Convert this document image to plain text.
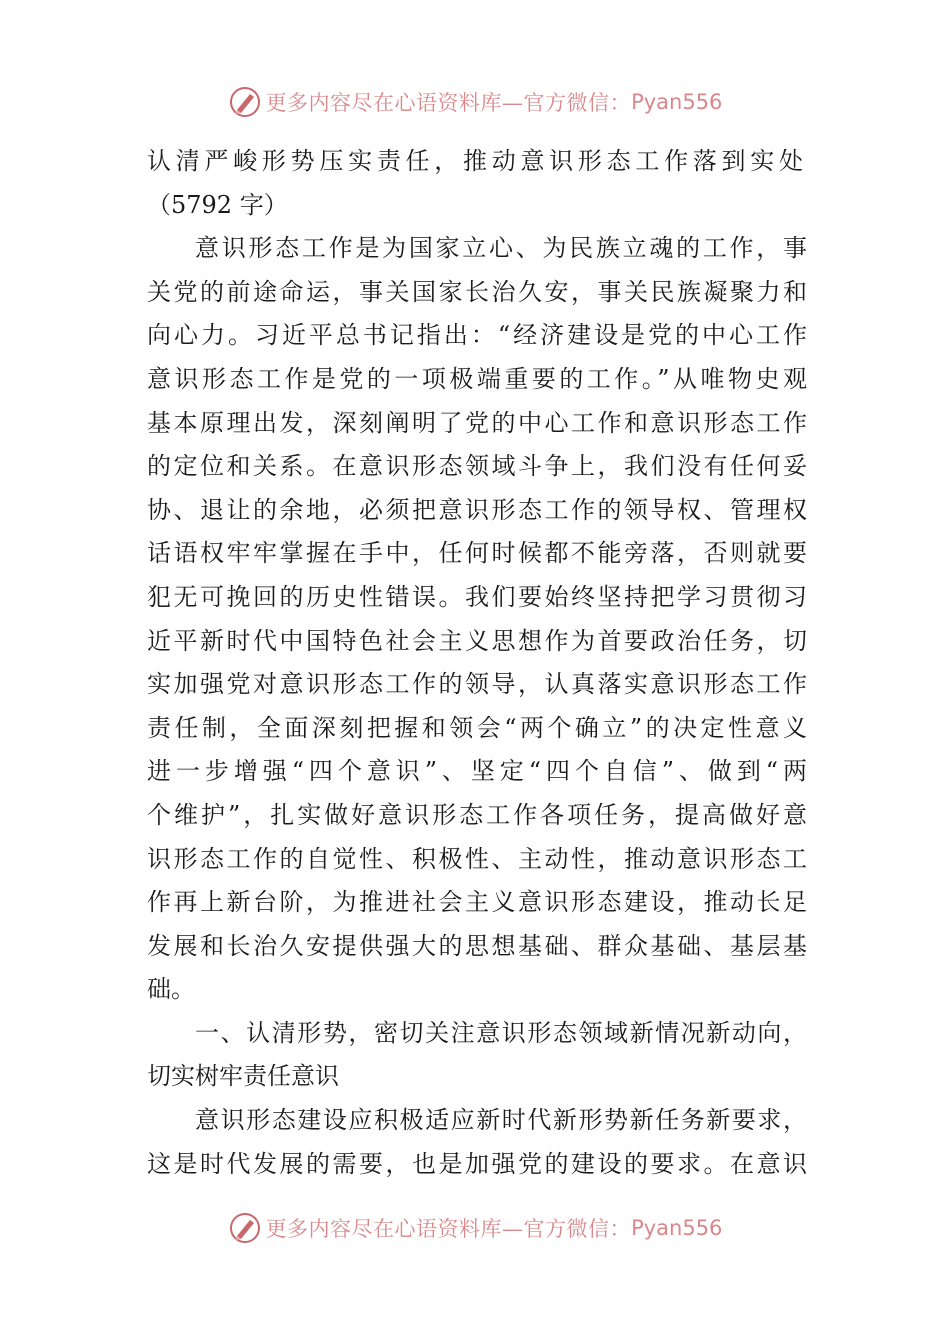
更多内容尽在心语资料库—官方微信： Pyan556
认清严峻形势压实责任，推动意识形态工作落到实处
（5792 字）
意识形态工作是为国家立心、为民族立魂的工作，事
关党的前途命运，事关国家长治久安，事关民族凝聚力和
向心力。习近平总书记指出：“经济建设是党的中心工作
意识形态工作是党的一项极端重要的工作。”从唯物史观
基本原理出发，深刻阐明了党的中心工作和意识形态工作
的定位和关系。在意识形态领域斗争上，我们没有任何妥
协、退让的余地，必须把意识形态工作的领导权、管理权
话语权牢牢掌握在手中，任何时候都不能旁落，否则就要
犯无可挽回的历史性错误。我们要始终坚持把学习贯彻习
近平新时代中国特色社会主义思想作为首要政治任务，切
实加强党对意识形态工作的领导，认真落实意识形态工作
责任制，全面深刻把握和领会“两个确立”的决定性意义
进一步增强“四个意识”、坚定“四个自信”、做到“两
个维护”，扎实做好意识形态工作各项任务，提高做好意
识形态工作的自觉性、积极性、主动性，推动意识形态工
作再上新台阶，为推进社会主义意识形态建设，推动长足
发展和长治久安提供强大的思想基础、群众基础、基层基
础。
一、认清形势，密切关注意识形态领域新情况新动向，
切实树牢责任意识
意识形态建设应积极适应新时代新形势新任务新要求，
这是时代发展的需要，也是加强党的建设的要求。在意识
更多内容尽在心语资料库—官方微信： Pyan556
